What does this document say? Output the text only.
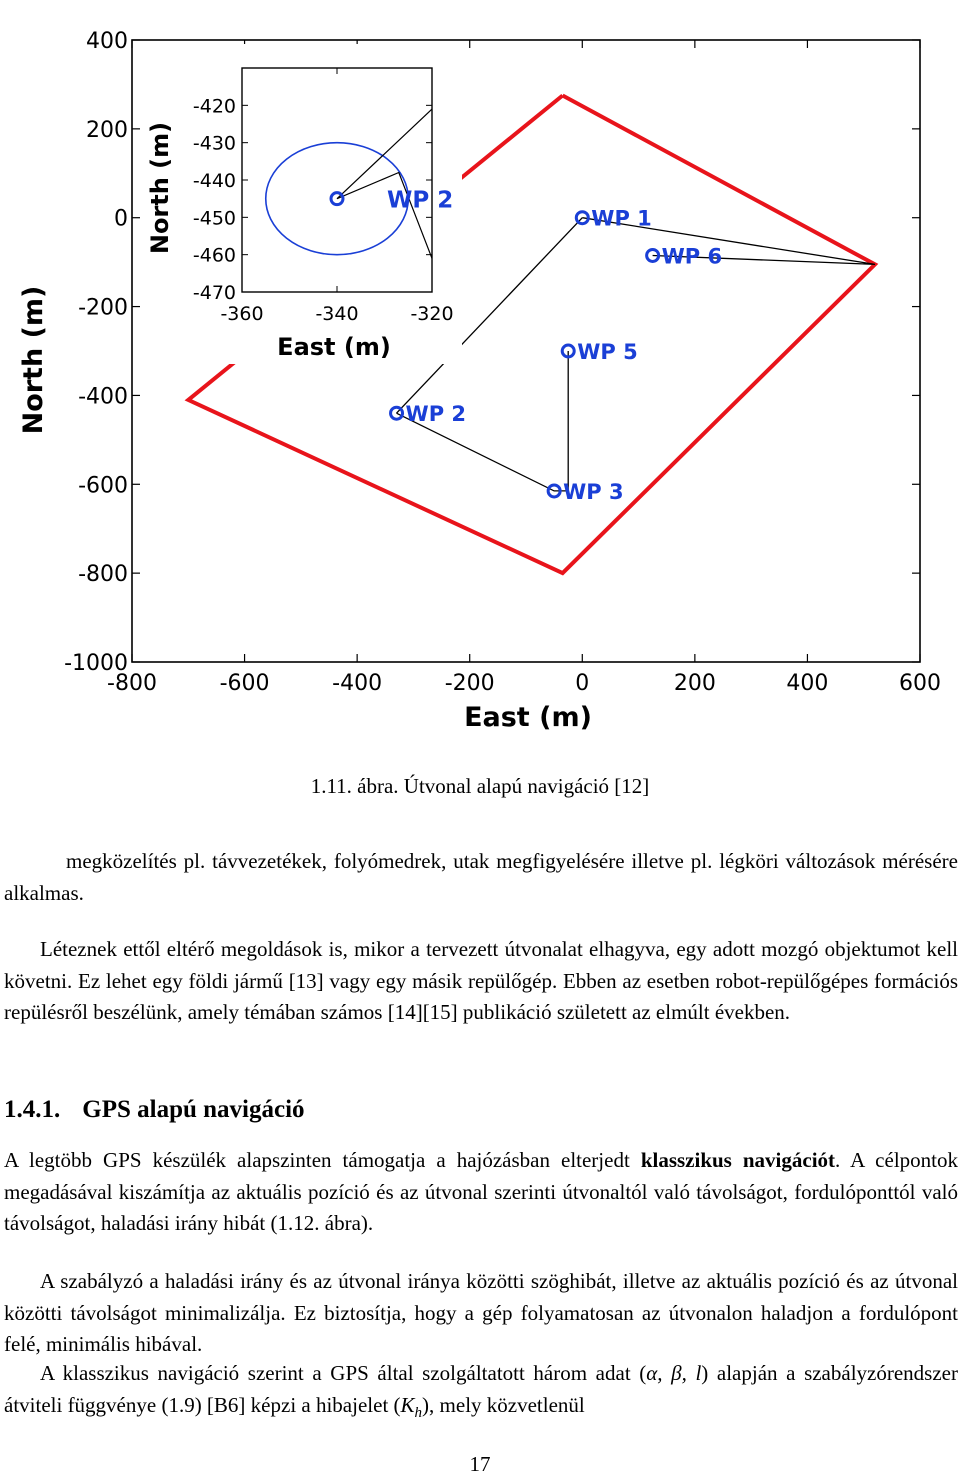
-800	-600	-400	-200	0	200	400	600
400
200
0
-200
-400
-600
-800
-1000
WP 1
WP 6
WP 5
WP 2
WP 3
East (m)
North (m)	-360	-340	-320
-420
-430
-440
-450
-460
-470
WP 2
East (m)
North (m)
1.11. ábra. Útvonal alapú navigáció [12]
megközelítés pl. távvezetékek, folyómedrek, utak megfigyelésére illetve pl. légköri változások mérésére alkalmas.
Léteznek ettől eltérő megoldások is, mikor a tervezett útvonalat elhagyva, egy adott mozgó objektumot kell követni. Ez lehet egy földi jármű [13] vagy egy másik repülőgép. Ebben az esetben robot-repülőgépes formációs repülésről beszélünk, amely témában számos [14][15] publikáció született az elmúlt években.
1.4.1. GPS alapú navigáció
A legtöbb GPS készülék alapszinten támogatja a hajózásban elterjedt klasszikus navigációt. A célpontok megadásával kiszámítja az aktuális pozíció és az útvonal szerinti útvonaltól való távolságot, fordulóponttól való távolságot, haladási irány hibát (1.12. ábra).
A szabályzó a haladási irány és az útvonal iránya közötti szöghibát, illetve az aktuális pozíció és az útvonal közötti távolságot minimalizálja. Ez biztosítja, hogy a gép folyamatosan az útvonalon haladjon a fordulópont felé, minimális hibával.
A klasszikus navigáció szerint a GPS által szolgáltatott három adat (α, β, l) alapján a szabályzórendszer átviteli függvénye (1.9) [B6] képzi a hibajelet $(K_h)$, mely közvetlenül
17
